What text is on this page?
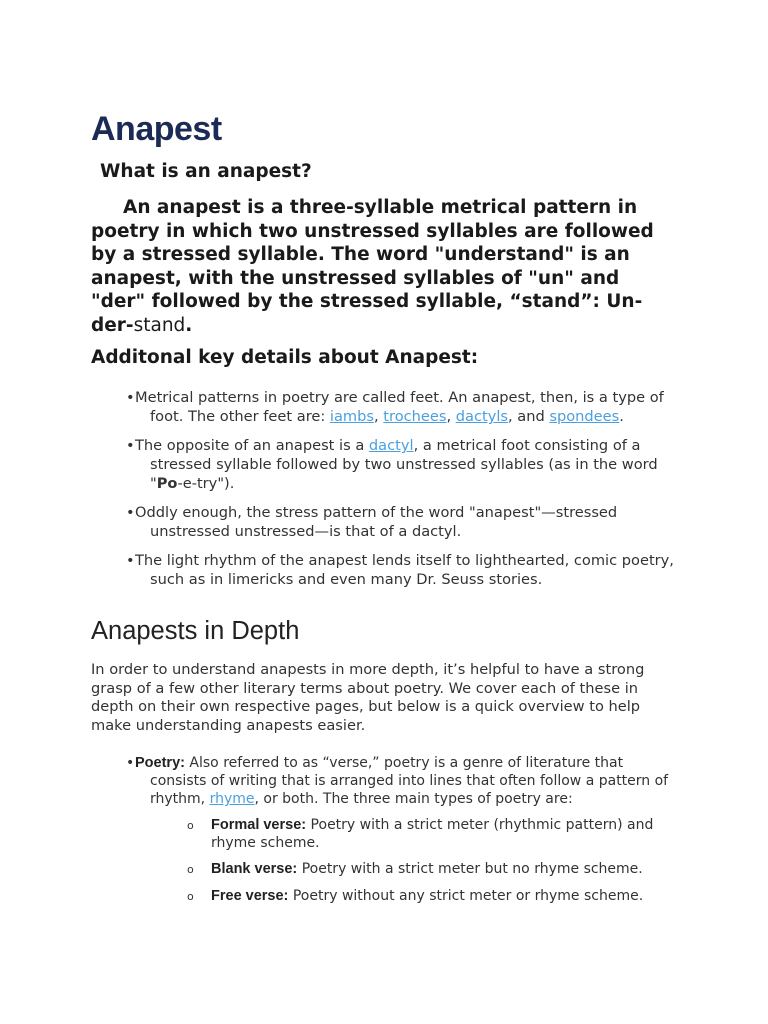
Anapest
What is an anapest?

An anapest is a three-syllable metrical pattern in poetry in which two unstressed syllables are followed by a stressed syllable. The word "understand" is an anapest, with the unstressed syllables of "un" and "der" followed by the stressed syllable, “stand”: Un-der-stand.

Additonal key details about Anapest:
•Metrical patterns in poetry are called feet. An anapest, then, is a type of foot. The other feet are: iambs, trochees, dactyls, and spondees.
•The opposite of an anapest is a dactyl, a metrical foot consisting of a stressed syllable followed by two unstressed syllables (as in the word "Po-e-try").
•Oddly enough, the stress pattern of the word "anapest"—stressed unstressed unstressed—is that of a dactyl.
•The light rhythm of the anapest lends itself to lighthearted, comic poetry, such as in limericks and even many Dr. Seuss stories.
Anapests in Depth

In order to understand anapests in more depth, it’s helpful to have a strong grasp of a few other literary terms about poetry. We cover each of these in depth on their own respective pages, but below is a quick overview to help make understanding anapests easier.

•Poetry: Also referred to as “verse,” poetry is a genre of literature that consists of writing that is arranged into lines that often follow a pattern of rhythm, rhyme, or both. The three main types of poetry are:
o Formal verse: Poetry with a strict meter (rhythmic pattern) and rhyme scheme.
o Blank verse: Poetry with a strict meter but no rhyme scheme.
o Free verse: Poetry without any strict meter or rhyme scheme.
